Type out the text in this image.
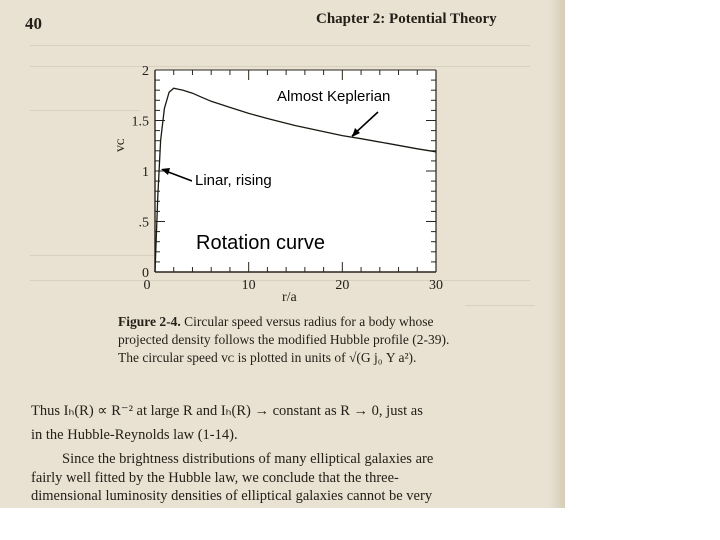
40	Chapter 2: Potential Theory
0
.5
1
1.5
2
0	10	20	30
vᴄ
r/a
Almost Keplerian
Linar, rising
Rotation curve
Figure 2-4. Circular speed versus radius for a body whose projected density follows the modified Hubble profile (2-39). The circular speed vᴄ is plotted in units of √(G j₀ Υ a²).
Thus Iₕ(R) ∝ R⁻² at large R and Iₕ(R) → constant as R → 0, just as
in the Hubble-Reynolds law (1-14).
Since the brightness distributions of many elliptical galaxies are
fairly well fitted by the Hubble law, we conclude that the three-
dimensional luminosity densities of elliptical galaxies cannot be very
